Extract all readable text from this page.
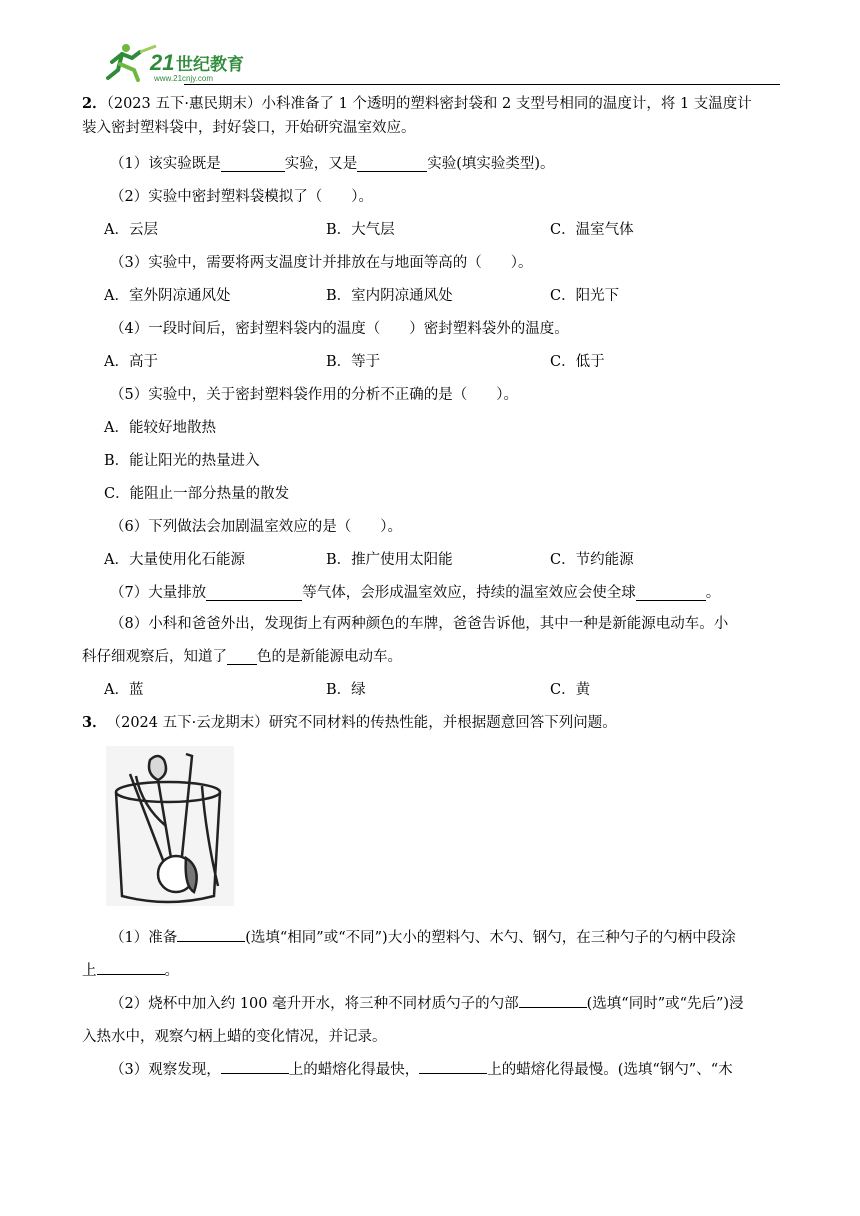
21 世纪教育
www.21cnjy.com

2．（2023 五下·惠民期末）小科准备了 1 个透明的塑料密封袋和 2 支型号相同的温度计，将 1 支温度计
装入密封塑料袋中，封好袋口，开始研究温室效应。

（1）该实验既是	实验，又是	实验(填实验类型)。
（2）实验中密封塑料袋模拟了（　　）。
A．云层	B．大气层	C．温室气体
（3）实验中，需要将两支温度计并排放在与地面等高的（　　）。
A．室外阴凉通风处	B．室内阴凉通风处	C．阳光下
（4）一段时间后，密封塑料袋内的温度（　　）密封塑料袋外的温度。
A．高于	B．等于	C．低于
（5）实验中，关于密封塑料袋作用的分析不正确的是（　　）。
A．能较好地散热
B．能让阳光的热量进入
C．能阻止一部分热量的散发
（6）下列做法会加剧温室效应的是（　　）。
A．大量使用化石能源	B．推广使用太阳能	C．节约能源
（7）大量排放	等气体，会形成温室效应，持续的温室效应会使全球	。

（8）小科和爸爸外出，发现街上有两种颜色的车牌，爸爸告诉他，其中一种是新能源电动车。小

科仔细观察后，知道了 色的是新能源电动车。
A．蓝	B．绿	C．黄
3． （2024 五下·云龙期末） 研究不同材料的传热性能，并根据题意回答下列问题。

（1）准备	(选填“相同”或“不同”)大小的塑料勺、木勺、钢勺，在三种勺子的勺柄中段涂
上	。

（2）烧杯中加入约 100 毫升开水，将三种不同材质勺子的勺部	(选填“同时”或“先后”)浸
入热水中，观察勺柄上蜡的变化情况，并记录。

（3）观察发现，	上的蜡熔化得最快，	上的蜡熔化得最慢。(选填“钢勺”、“木
